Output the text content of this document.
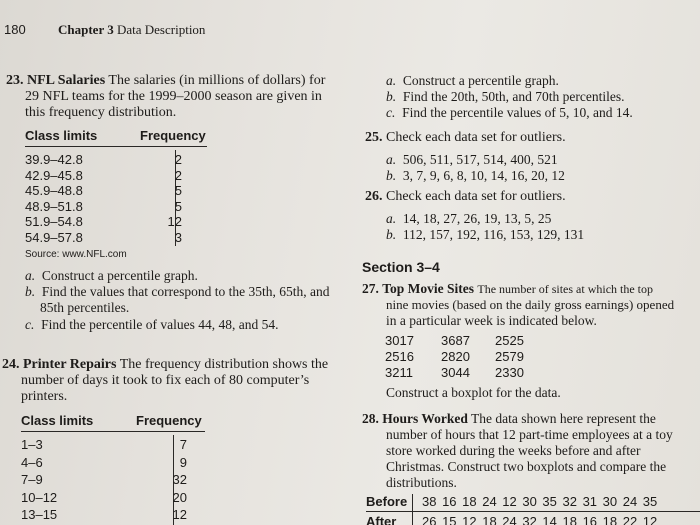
180 Chapter 3 Data Description
23. NFL Salaries The salaries (in millions of dollars) for
29 NFL teams for the 1999–2000 season are given in
this frequency distribution.
Class limits	Frequency
39.9–42.8	2
42.9–45.8	2
45.9–48.8	5
48.9–51.8	5
51.9–54.8	12
54.9–57.8	3
Source: www.NFL.com
a. Construct a percentile graph.
b. Find the values that correspond to the 35th, 65th, and
85th percentiles.
c. Find the percentile of values 44, 48, and 54.
24. Printer Repairs The frequency distribution shows the
number of days it took to fix each of 80 computer’s
printers.
Class limits	Frequency
1–3	7
4–6	9
7–9	32
10–12	20
13–15	12
a. Construct a percentile graph.
b. Find the 20th, 50th, and 70th percentiles.
c. Find the percentile values of 5, 10, and 14.
25. Check each data set for outliers.
a. 506, 511, 517, 514, 400, 521
b. 3, 7, 9, 6, 8, 10, 14, 16, 20, 12
26. Check each data set for outliers.
a. 14, 18, 27, 26, 19, 13, 5, 25
b. 112, 157, 192, 116, 153, 129, 131
Section 3–4
27. Top Movie Sites The number of sites at which the top
nine movies (based on the daily gross earnings) opened
in a particular week is indicated below.
3017 3687 2525
2516 2820 2579
3211 3044 2330
Construct a boxplot for the data.
28. Hours Worked The data shown here represent the
number of hours that 12 part-time employees at a toy
store worked during the weeks before and after
Christmas. Construct two boxplots and compare the
distributions.
Before 38 16 18 24 12 30 35 32 31 30 24 35
After 26 15 12 18 24 32 14 18 16 18 22 12
